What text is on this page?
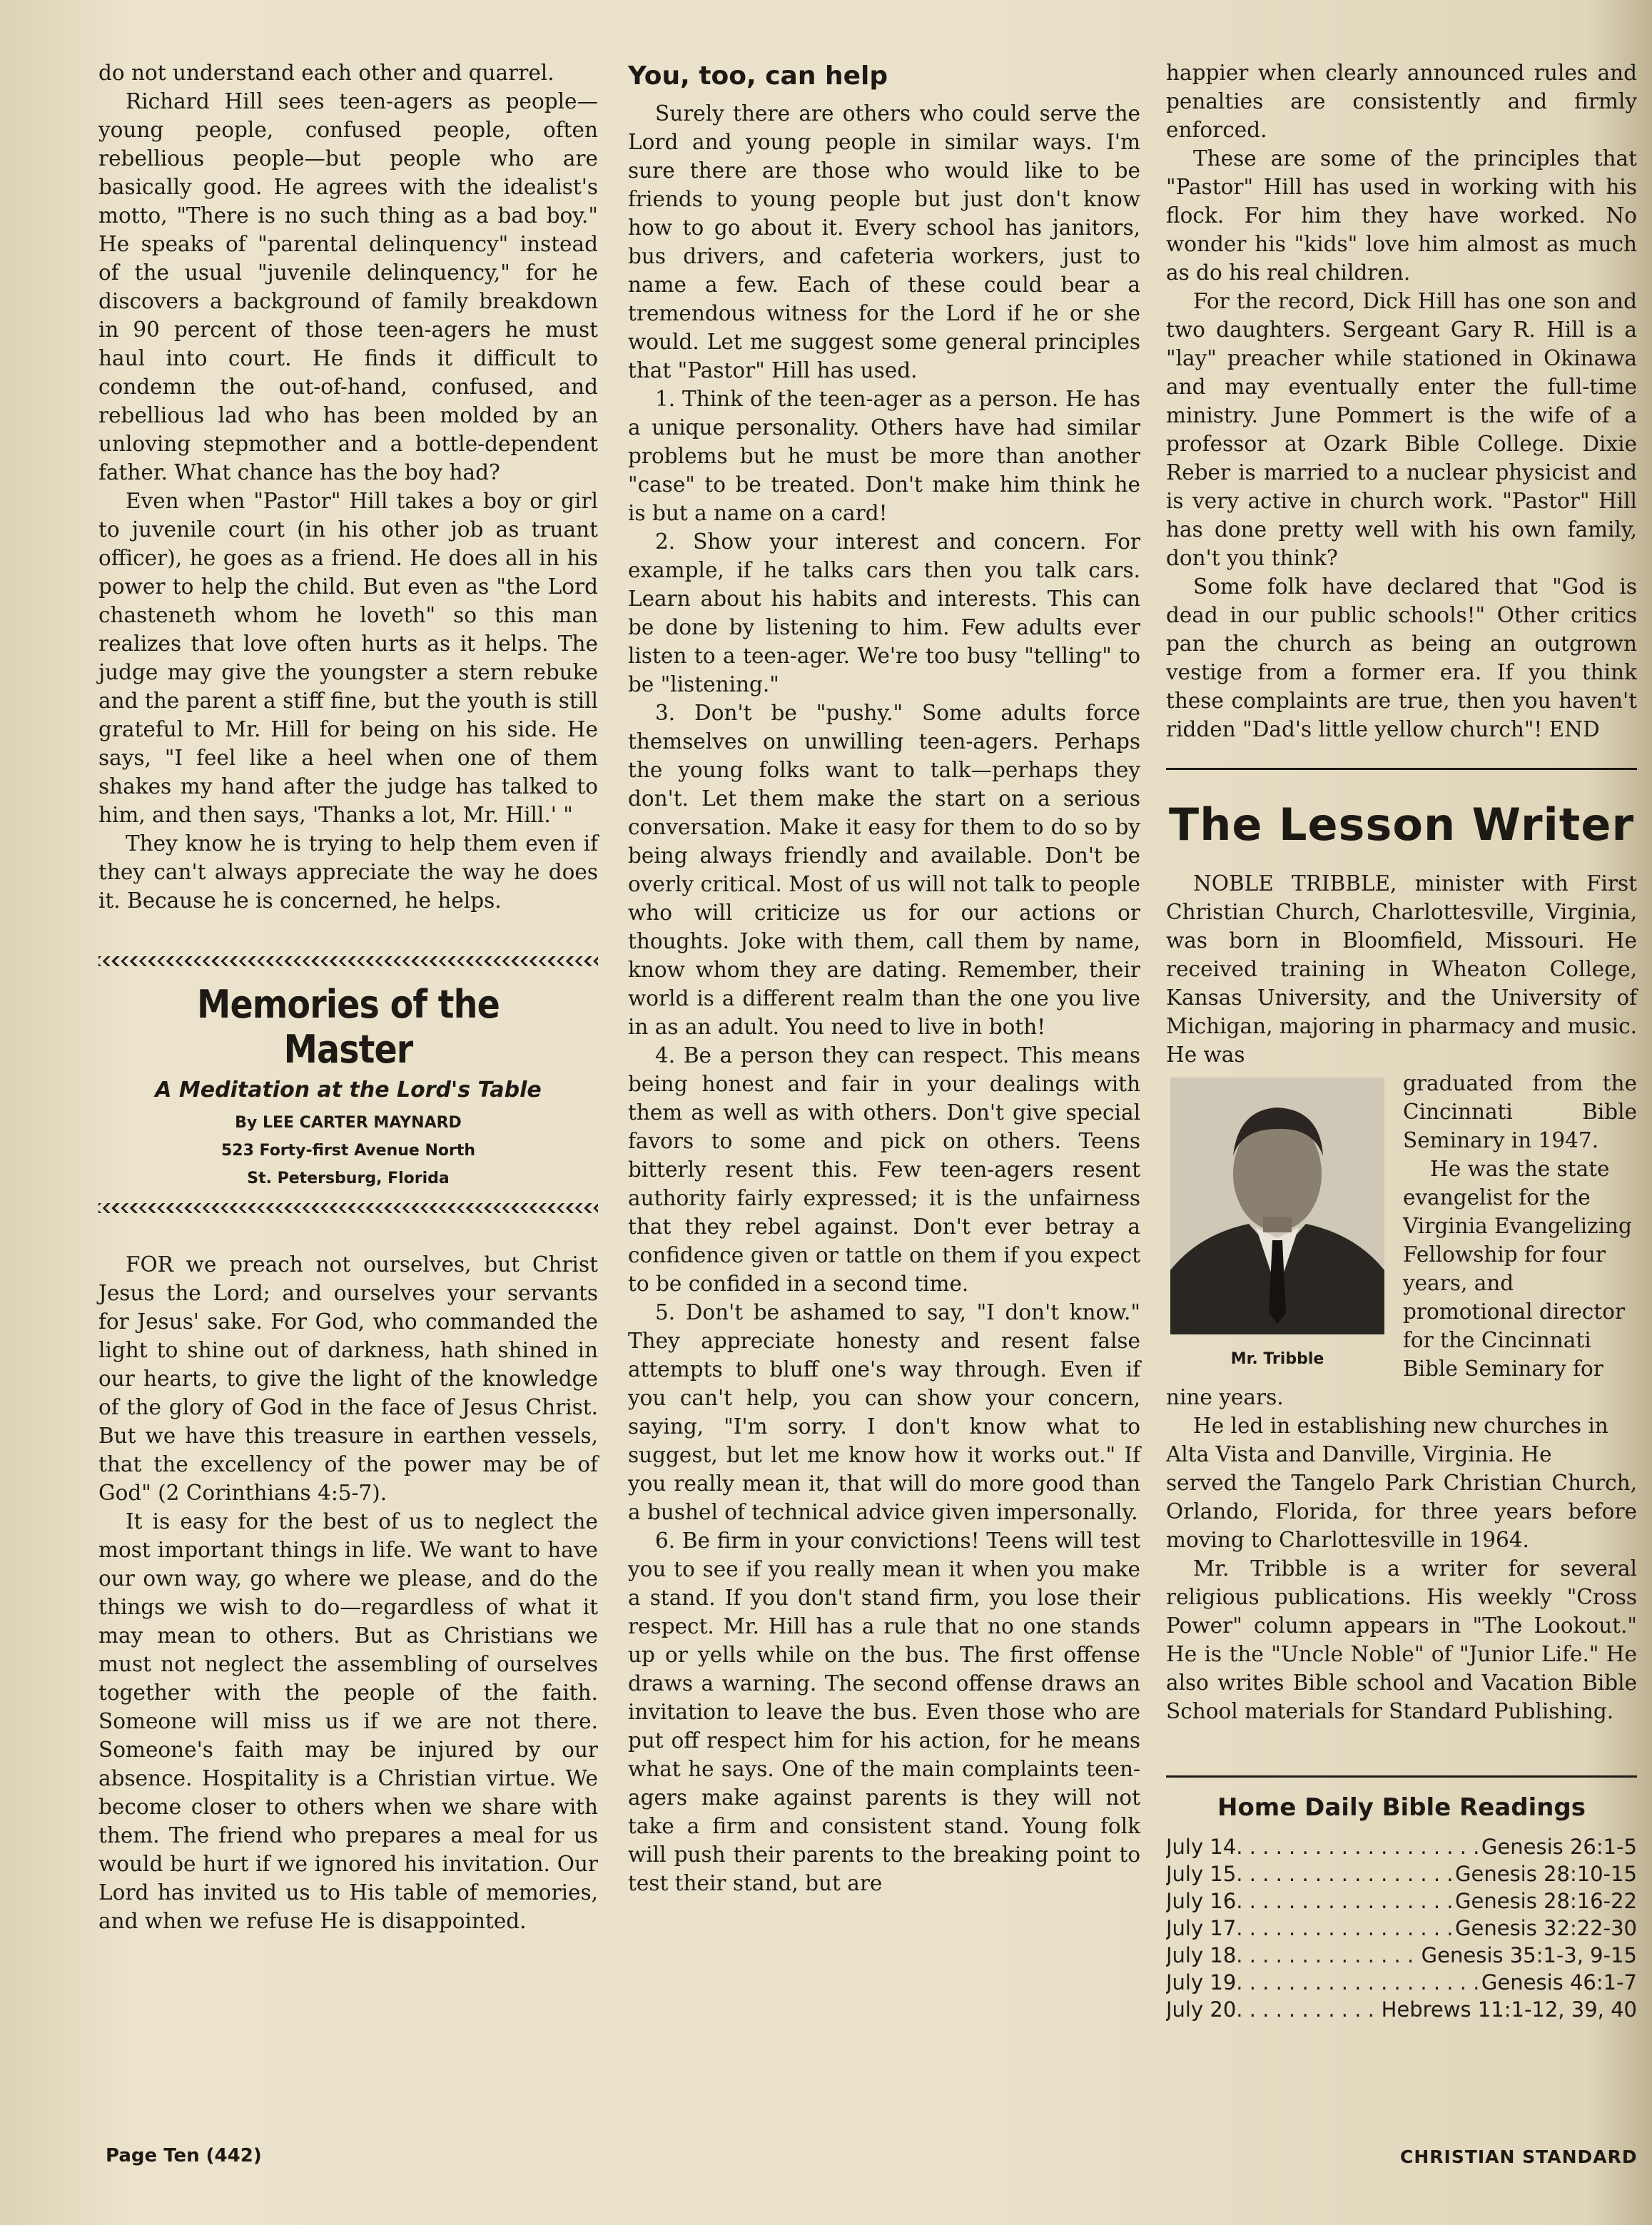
do not understand each other and quarrel.

Richard Hill sees teen-agers as people—young people, confused people, often rebellious people—but people who are basically good. He agrees with the idealist's motto, "There is no such thing as a bad boy." He speaks of "parental delinquency" instead of the usual "juvenile delinquency," for he discovers a background of family breakdown in 90 percent of those teen-agers he must haul into court. He finds it difficult to condemn the out-of-hand, confused, and rebellious lad who has been molded by an unloving stepmother and a bottle-dependent father. What chance has the boy had?

Even when "Pastor" Hill takes a boy or girl to juvenile court (in his other job as truant officer), he goes as a friend. He does all in his power to help the child. But even as "the Lord chasteneth whom he loveth" so this man realizes that love often hurts as it helps. The judge may give the youngster a stern rebuke and the parent a stiff fine, but the youth is still grateful to Mr. Hill for being on his side. He says, "I feel like a heel when one of them shakes my hand after the judge has talked to him, and then says, 'Thanks a lot, Mr. Hill.' "

They know he is trying to help them even if they can't always appreciate the way he does it. Because he is concerned, he helps.

Memories of the Master
A Meditation at the Lord's Table
By LEE CARTER MAYNARD
523 Forty-first Avenue North
St. Petersburg, Florida

FOR we preach not ourselves, but Christ Jesus the Lord; and ourselves your servants for Jesus' sake. For God, who commanded the light to shine out of darkness, hath shined in our hearts, to give the light of the knowledge of the glory of God in the face of Jesus Christ. But we have this treasure in earthen vessels, that the excellency of the power may be of God" (2 Corinthians 4:5-7).

It is easy for the best of us to neglect the most important things in life. We want to have our own way, go where we please, and do the things we wish to do—regardless of what it may mean to others. But as Christians we must not neglect the assembling of ourselves together with the people of the faith. Someone will miss us if we are not there. Someone's faith may be injured by our absence. Hospitality is a Christian virtue. We become closer to others when we share with them. The friend who prepares a meal for us would be hurt if we ignored his invitation. Our Lord has invited us to His table of memories, and when we refuse He is disappointed.

You, too, can help

Surely there are others who could serve the Lord and young people in similar ways. I'm sure there are those who would like to be friends to young people but just don't know how to go about it. Every school has janitors, bus drivers, and cafeteria workers, just to name a few. Each of these could bear a tremendous witness for the Lord if he or she would. Let me suggest some general principles that "Pastor" Hill has used.

1. Think of the teen-ager as a person. He has a unique personality. Others have had similar problems but he must be more than another "case" to be treated. Don't make him think he is but a name on a card!

2. Show your interest and concern. For example, if he talks cars then you talk cars. Learn about his habits and interests. This can be done by listening to him. Few adults ever listen to a teen-ager. We're too busy "telling" to be "listening."

3. Don't be "pushy." Some adults force themselves on unwilling teen-agers. Perhaps the young folks want to talk—perhaps they don't. Let them make the start on a serious conversation. Make it easy for them to do so by being always friendly and available. Don't be overly critical. Most of us will not talk to people who will criticize us for our actions or thoughts. Joke with them, call them by name, know whom they are dating. Remember, their world is a different realm than the one you live in as an adult. You need to live in both!

4. Be a person they can respect. This means being honest and fair in your dealings with them as well as with others. Don't give special favors to some and pick on others. Teens bitterly resent this. Few teen-agers resent authority fairly expressed; it is the unfairness that they rebel against. Don't ever betray a confidence given or tattle on them if you expect to be confided in a second time.

5. Don't be ashamed to say, "I don't know." They appreciate honesty and resent false attempts to bluff one's way through. Even if you can't help, you can show your concern, saying, "I'm sorry. I don't know what to suggest, but let me know how it works out." If you really mean it, that will do more good than a bushel of technical advice given impersonally.

6. Be firm in your convictions! Teens will test you to see if you really mean it when you make a stand. If you don't stand firm, you lose their respect. Mr. Hill has a rule that no one stands up or yells while on the bus. The first offense draws a warning. The second offense draws an invitation to leave the bus. Even those who are put off respect him for his action, for he means what he says. One of the main complaints teen-agers make against parents is they will not take a firm and consistent stand. Young folk will push their parents to the breaking point to test their stand, but are

happier when clearly announced rules and penalties are consistently and firmly enforced.

These are some of the principles that "Pastor" Hill has used in working with his flock. For him they have worked. No wonder his "kids" love him almost as much as do his real children.

For the record, Dick Hill has one son and two daughters. Sergeant Gary R. Hill is a "lay" preacher while stationed in Okinawa and may eventually enter the full-time ministry. June Pommert is the wife of a professor at Ozark Bible College. Dixie Reber is married to a nuclear physicist and is very active in church work. "Pastor" Hill has done pretty well with his own family, don't you think?

Some folk have declared that "God is dead in our public schools!" Other critics pan the church as being an outgrown vestige from a former era. If you think these complaints are true, then you haven't ridden "Dad's little yellow church"! END

The Lesson Writer

NOBLE TRIBBLE, minister with First Christian Church, Charlottesville, Virginia, was born in Bloomfield, Missouri. He received training in Wheaton College, Kansas University, and the University of Michigan, majoring in pharmacy and music. He was

Mr. Tribble

graduated from the Cincinnati Bible Seminary in 1947.

He was the state evangelist for the Virginia Evangelizing Fellowship for four years, and promotional director for the Cincinnati Bible Seminary for nine years.

He led in establishing new churches in Alta Vista and Danville, Virginia. He

served the Tangelo Park Christian Church, Orlando, Florida, for three years before moving to Charlottesville in 1964.

Mr. Tribble is a writer for several religious publications. His weekly "Cross Power" column appears in "The Lookout." He is the "Uncle Noble" of "Junior Life." He also writes Bible school and Vacation Bible School materials for Standard Publishing.

Home Daily Bible Readings
July 14 . . .	Genesis 26:1-5
July 15 . . .	Genesis 28:10-15
July 16 . . .	Genesis 28:16-22
July 17 . . .	Genesis 32:22-30
July 18 . . .	Genesis 35:1-3, 9-15
July 19 . . .	Genesis 46:1-7
July 20 . . .	Hebrews 11:1-12, 39, 40
Page Ten (442)	CHRISTIAN STANDARD
